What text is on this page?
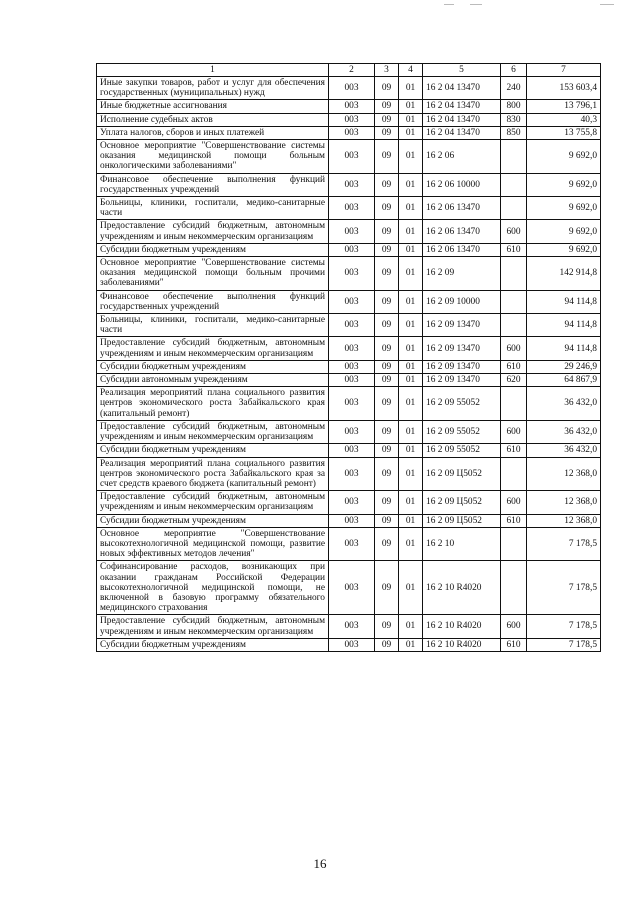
1	2	3	4	5	6	7
Иные закупки товаров, работ и услуг для обеспечения государственных (муниципальных) нужд	003	09	01	16 2 04 13470	240	153 603,4
Иные бюджетные ассигнования	003	09	01	16 2 04 13470	800	13 796,1
Исполнение судебных актов	003	09	01	16 2 04 13470	830	40,3
Уплата налогов, сборов и иных платежей	003	09	01	16 2 04 13470	850	13 755,8
Основное мероприятие "Совершенствование системы оказания медицинской помощи больным онкологическими заболеваниями"	003	09	01	16 2 06		9 692,0
Финансовое обеспечение выполнения функций государственных учреждений	003	09	01	16 2 06 10000		9 692,0
Больницы, клиники, госпитали, медико-санитарные части	003	09	01	16 2 06 13470		9 692,0
Предоставление субсидий бюджетным, автономным учреждениям и иным некоммерческим организациям	003	09	01	16 2 06 13470	600	9 692,0
Субсидии бюджетным учреждениям	003	09	01	16 2 06 13470	610	9 692,0
Основное мероприятие "Совершенствование системы оказания медицинской помощи больным прочими заболеваниями"	003	09	01	16 2 09		142 914,8
Финансовое обеспечение выполнения функций государственных учреждений	003	09	01	16 2 09 10000		94 114,8
Больницы, клиники, госпитали, медико-санитарные части	003	09	01	16 2 09 13470		94 114,8
Предоставление субсидий бюджетным, автономным учреждениям и иным некоммерческим организациям	003	09	01	16 2 09 13470	600	94 114,8
Субсидии бюджетным учреждениям	003	09	01	16 2 09 13470	610	29 246,9
Субсидии автономным учреждениям	003	09	01	16 2 09 13470	620	64 867,9
Реализация мероприятий плана социального развития центров экономического роста Забайкальского края (капитальный ремонт)	003	09	01	16 2 09 55052		36 432,0
Предоставление субсидий бюджетным, автономным учреждениям и иным некоммерческим организациям	003	09	01	16 2 09 55052	600	36 432,0
Субсидии бюджетным учреждениям	003	09	01	16 2 09 55052	610	36 432,0
Реализация мероприятий плана социального развития центров экономического роста Забайкальского края за счет средств краевого бюджета (капитальный ремонт)	003	09	01	16 2 09 Ц5052		12 368,0
Предоставление субсидий бюджетным, автономным учреждениям и иным некоммерческим организациям	003	09	01	16 2 09 Ц5052	600	12 368,0
Субсидии бюджетным учреждениям	003	09	01	16 2 09 Ц5052	610	12 368,0
Основное мероприятие "Совершенствование высокотехнологичной медицинской помощи, развитие новых эффективных методов лечения"	003	09	01	16 2 10		7 178,5
Софинансирование расходов, возникающих при оказании гражданам Российской Федерации высокотехнологичной медицинской помощи, не включенной в базовую программу обязательного медицинского страхования	003	09	01	16 2 10 R4020		7 178,5
Предоставление субсидий бюджетным, автономным учреждениям и иным некоммерческим организациям	003	09	01	16 2 10 R4020	600	7 178,5
Субсидии бюджетным учреждениям	003	09	01	16 2 10 R4020	610	7 178,5
16
